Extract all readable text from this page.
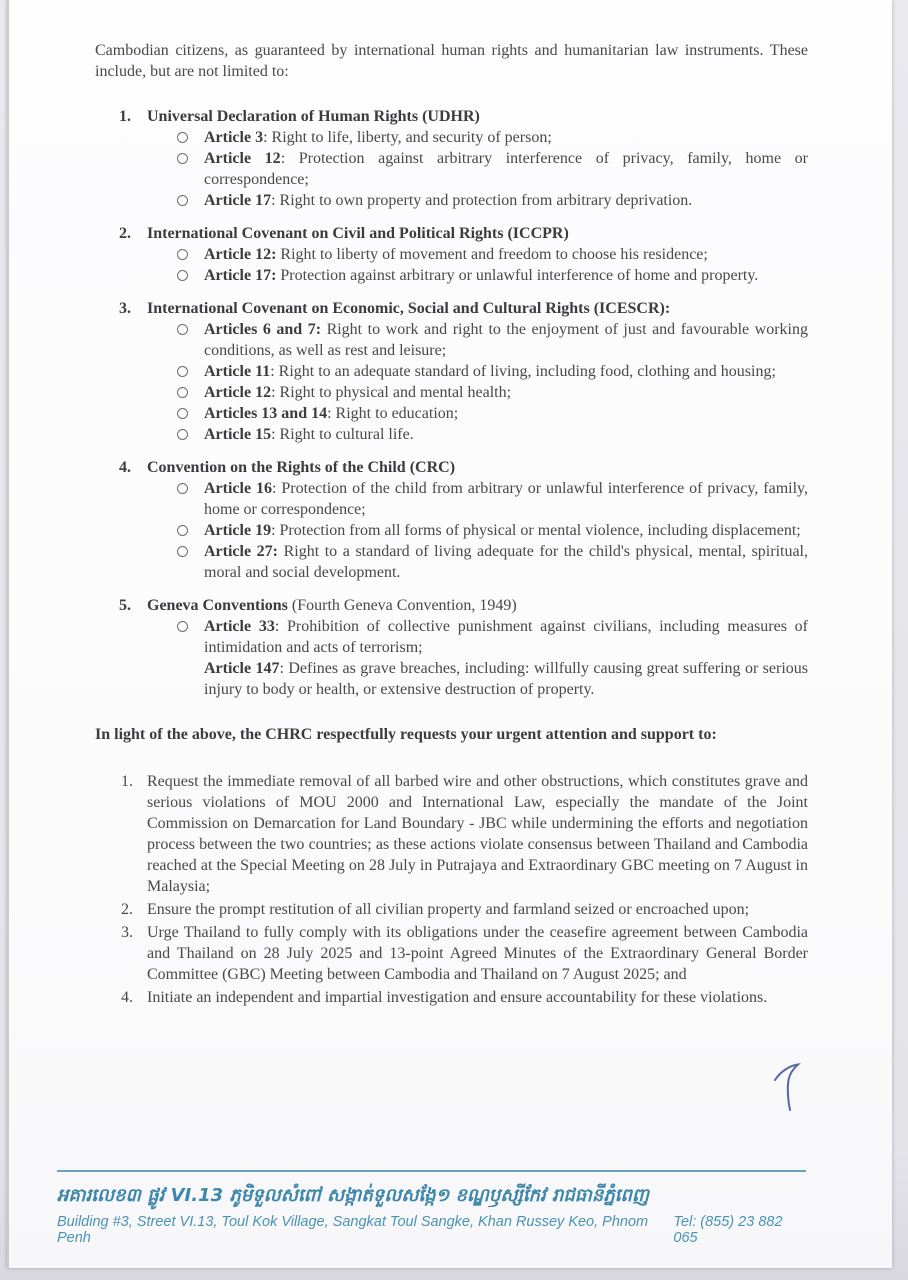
Cambodian citizens, as guaranteed by international human rights and humanitarian law instruments. These include, but are not limited to:

1.	Universal Declaration of Human Rights (UDHR)

Article 3: Right to life, liberty, and security of person;

Article 12: Protection against arbitrary interference of privacy, family, home or correspondence;

Article 17: Right to own property and protection from arbitrary deprivation.

2.	International Covenant on Civil and Political Rights (ICCPR)

Article 12: Right to liberty of movement and freedom to choose his residence;

Article 17: Protection against arbitrary or unlawful interference of home and property.

3.	International Covenant on Economic, Social and Cultural Rights (ICESCR):

Articles 6 and 7: Right to work and right to the enjoyment of just and favourable working conditions, as well as rest and leisure;

Article 11: Right to an adequate standard of living, including food, clothing and housing;

Article 12: Right to physical and mental health;

Articles 13 and 14: Right to education;

Article 15: Right to cultural life.

4.	Convention on the Rights of the Child (CRC)

Article 16: Protection of the child from arbitrary or unlawful interference of privacy, family, home or correspondence;

Article 19: Protection from all forms of physical or mental violence, including displacement;

Article 27: Right to a standard of living adequate for the child's physical, mental, spiritual, moral and social development.

5.	Geneva Conventions (Fourth Geneva Convention, 1949)

Article 33: Prohibition of collective punishment against civilians, including measures of intimidation and acts of terrorism;

Article 147: Defines as grave breaches, including: willfully causing great suffering or serious injury to body or health, or extensive destruction of property.

In light of the above, the CHRC respectfully requests your urgent attention and support to:

1. Request the immediate removal of all barbed wire and other obstructions, which constitutes grave and serious violations of MOU 2000 and International Law, especially the mandate of the Joint Commission on Demarcation for Land Boundary - JBC while undermining the efforts and negotiation process between the two countries; as these actions violate consensus between Thailand and Cambodia reached at the Special Meeting on 28 July in Putrajaya and Extraordinary GBC meeting on 7 August in Malaysia;

2. Ensure the prompt restitution of all civilian property and farmland seized or encroached upon;

3. Urge Thailand to fully comply with its obligations under the ceasefire agreement between Cambodia and Thailand on 28 July 2025 and 13-point Agreed Minutes of the Extraordinary General Border Committee (GBC) Meeting between Cambodia and Thailand on 7 August 2025; and

4. Initiate an independent and impartial investigation and ensure accountability for these violations.

អគារលេខ៣ ផ្លូវ VI.13 ភូមិទួលសំពៅ សង្កាត់ទួលសង្កែ១ ខណ្ឌឫស្សីកែវ រាជធានីភ្នំពេញ
Building #3, Street VI.13, Toul Kok Village, Sangkat Toul Sangke, Khan Russey Keo, Phnom Penh
Tel: (855) 23 882 065
